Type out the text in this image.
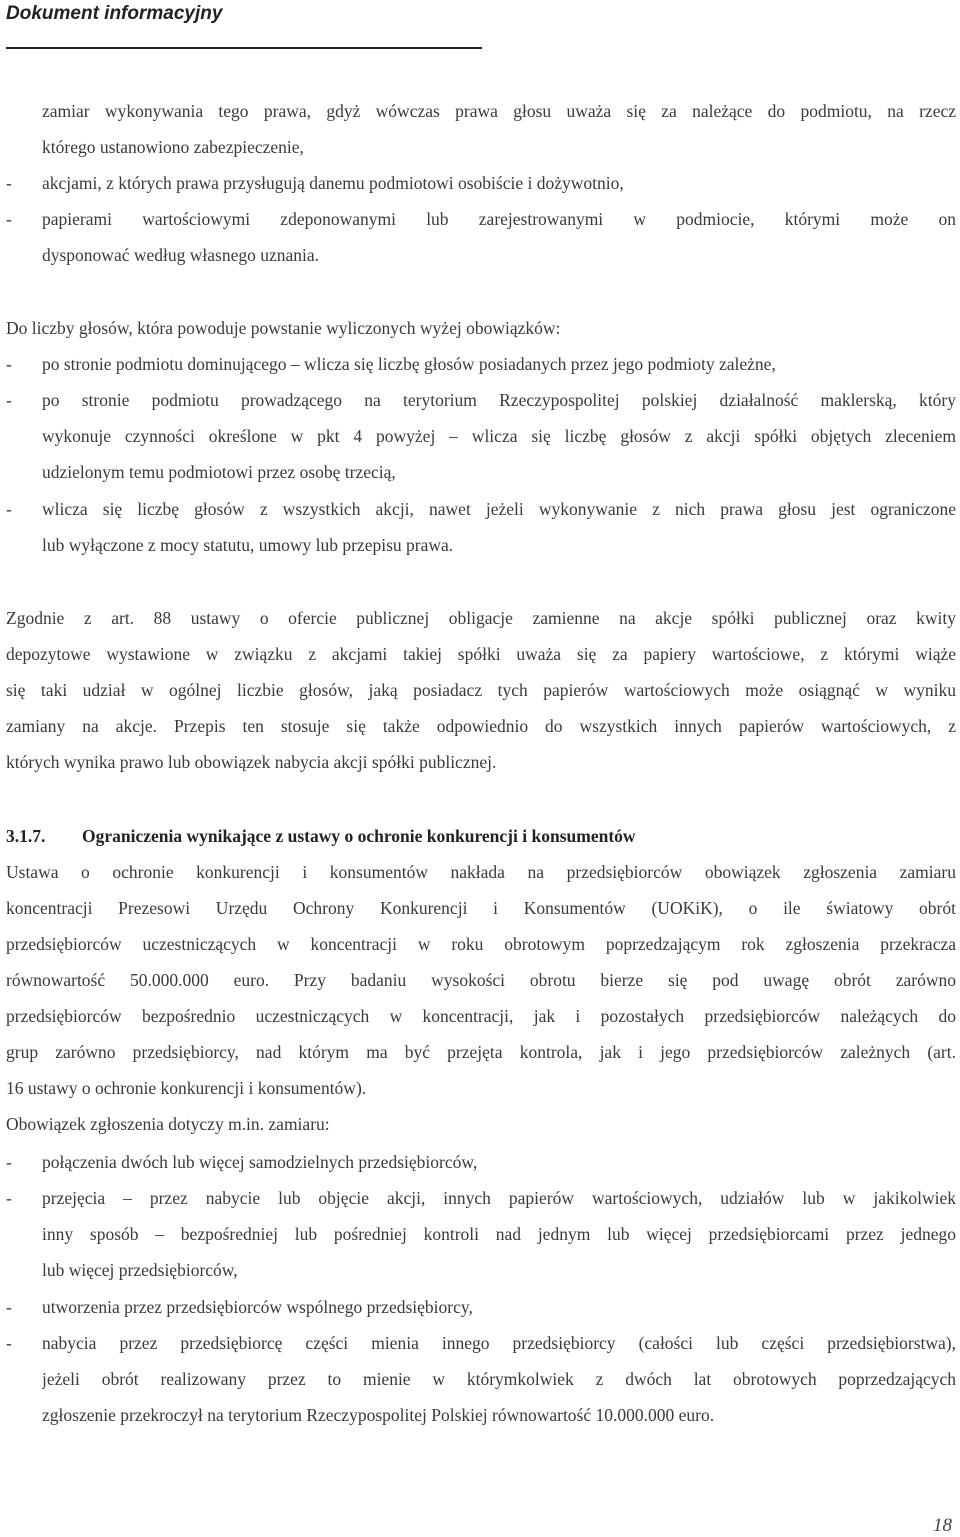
Dokument informacyjny
zamiar wykonywania tego prawa, gdyż wówczas prawa głosu uważa się za należące do podmiotu, na rzecz
którego ustanowiono zabezpieczenie,
- akcjami, z których prawa przysługują danemu podmiotowi osobiście i dożywotnio,
- papierami wartościowymi zdeponowanymi lub zarejestrowanymi w podmiocie, którymi może on
dysponować według własnego uznania.
Do liczby głosów, która powoduje powstanie wyliczonych wyżej obowiązków:
- po stronie podmiotu dominującego – wlicza się liczbę głosów posiadanych przez jego podmioty zależne,
- po stronie podmiotu prowadzącego na terytorium Rzeczypospolitej polskiej działalność maklerską, który
wykonuje czynności określone w pkt 4 powyżej – wlicza się liczbę głosów z akcji spółki objętych zleceniem
udzielonym temu podmiotowi przez osobę trzecią,
- wlicza się liczbę głosów z wszystkich akcji, nawet jeżeli wykonywanie z nich prawa głosu jest ograniczone
lub wyłączone z mocy statutu, umowy lub przepisu prawa.
Zgodnie z art. 88 ustawy o ofercie publicznej obligacje zamienne na akcje spółki publicznej oraz kwity
depozytowe wystawione w związku z akcjami takiej spółki uważa się za papiery wartościowe, z którymi wiąże
się taki udział w ogólnej liczbie głosów, jaką posiadacz tych papierów wartościowych może osiągnąć w wyniku
zamiany na akcje. Przepis ten stosuje się także odpowiednio do wszystkich innych papierów wartościowych, z
których wynika prawo lub obowiązek nabycia akcji spółki publicznej.
3.1.7. Ograniczenia wynikające z ustawy o ochronie konkurencji i konsumentów
Ustawa o ochronie konkurencji i konsumentów nakłada na przedsiębiorców obowiązek zgłoszenia zamiaru
koncentracji Prezesowi Urzędu Ochrony Konkurencji i Konsumentów (UOKiK), o ile światowy obrót
przedsiębiorców uczestniczących w koncentracji w roku obrotowym poprzedzającym rok zgłoszenia przekracza
równowartość 50.000.000 euro. Przy badaniu wysokości obrotu bierze się pod uwagę obrót zarówno
przedsiębiorców bezpośrednio uczestniczących w koncentracji, jak i pozostałych przedsiębiorców należących do
grup zarówno przedsiębiorcy, nad którym ma być przejęta kontrola, jak i jego przedsiębiorców zależnych (art.
16 ustawy o ochronie konkurencji i konsumentów).
Obowiązek zgłoszenia dotyczy m.in. zamiaru:
- połączenia dwóch lub więcej samodzielnych przedsiębiorców,
- przejęcia – przez nabycie lub objęcie akcji, innych papierów wartościowych, udziałów lub w jakikolwiek
inny sposób – bezpośredniej lub pośredniej kontroli nad jednym lub więcej przedsiębiorcami przez jednego
lub więcej przedsiębiorców,
- utworzenia przez przedsiębiorców wspólnego przedsiębiorcy,
- nabycia przez przedsiębiorcę części mienia innego przedsiębiorcy (całości lub części przedsiębiorstwa),
jeżeli obrót realizowany przez to mienie w którymkolwiek z dwóch lat obrotowych poprzedzających
zgłoszenie przekroczył na terytorium Rzeczypospolitej Polskiej równowartość 10.000.000 euro.
18
